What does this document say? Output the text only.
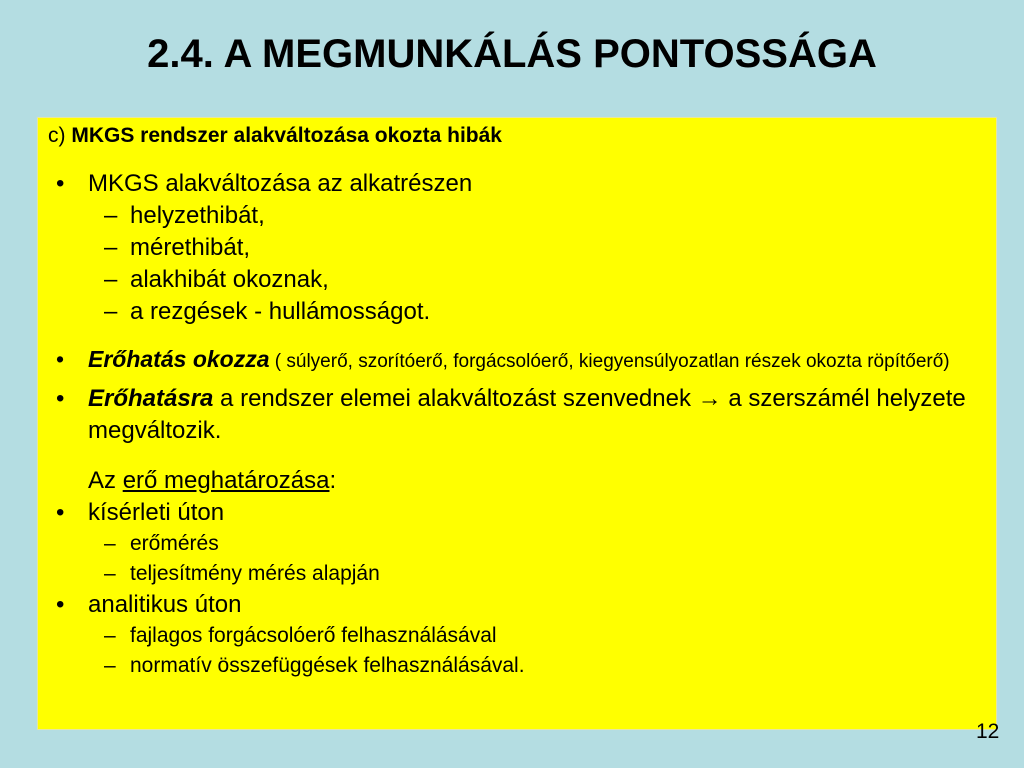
2.4. A MEGMUNKÁLÁS PONTOSSÁGA
c) MKGS rendszer alakváltozása okozta hibák
• MKGS alakváltozása az alkatrészen
– helyzethibát,
– mérethibát,
– alakhibát okoznak,
– a rezgések - hullámosságot.
•	Erőhatás okozza ( súlyerő, szorítóerő, forgácsolóerő, kiegyensúlyozatlan részek okozta röpítőerő)
• Erőhatásra a rendszer elemei alakváltozást szenvednek → a szerszámél helyzete megváltozik.
Az erő meghatározása:
• kísérleti úton
– erőmérés
– teljesítmény mérés alapján
• analitikus úton
– fajlagos forgácsolóerő felhasználásával
– normatív összefüggések felhasználásával.
12
